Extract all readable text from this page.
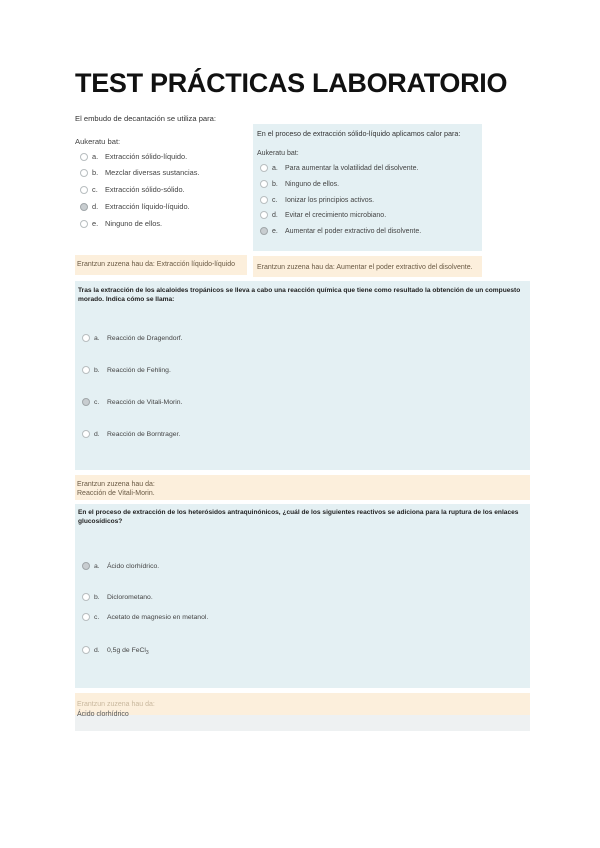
TEST PRÁCTICAS LABORATORIO
El embudo de decantación se utiliza para:
Aukeratu bat:
a. Extracción sólido-líquido.
b. Mezclar diversas sustancias.
c. Extracción sólido-sólido.
d. Extracción líquido-líquido.
e. Ninguno de ellos.
Erantzun zuzena hau da: Extracción líquido-líquido
En el proceso de extracción sólido-líquido aplicamos calor para:
Aukeratu bat:
a. Para aumentar la volatilidad del disolvente.
b. Ninguno de ellos.
c. Ionizar los principios activos.
d. Evitar el crecimiento microbiano.
e. Aumentar el poder extractivo del disolvente.
Erantzun zuzena hau da: Aumentar el poder extractivo del disolvente.
Tras la extracción de los alcaloides tropánicos se lleva a cabo una reacción química que tiene como resultado la obtención de un compuesto morado. Indica cómo se llama:
a. Reacción de Dragendorf.
b. Reacción de Fehling.
c. Reacción de Vitali-Morin.
d. Reacción de Borntrager.
Erantzun zuzena hau da:
Reacción de Vitali-Morin.
En el proceso de extracción de los heterósidos antraquinónicos, ¿cuál de los siguientes reactivos se adiciona para la ruptura de los enlaces glucosídicos?
a. Ácido clorhídrico.
b. Diclorometano.
c. Acetato de magnesio en metanol.
d. 0,5g de FeCl$_3$
Erantzun zuzena hau da:
Ácido clorhídrico
